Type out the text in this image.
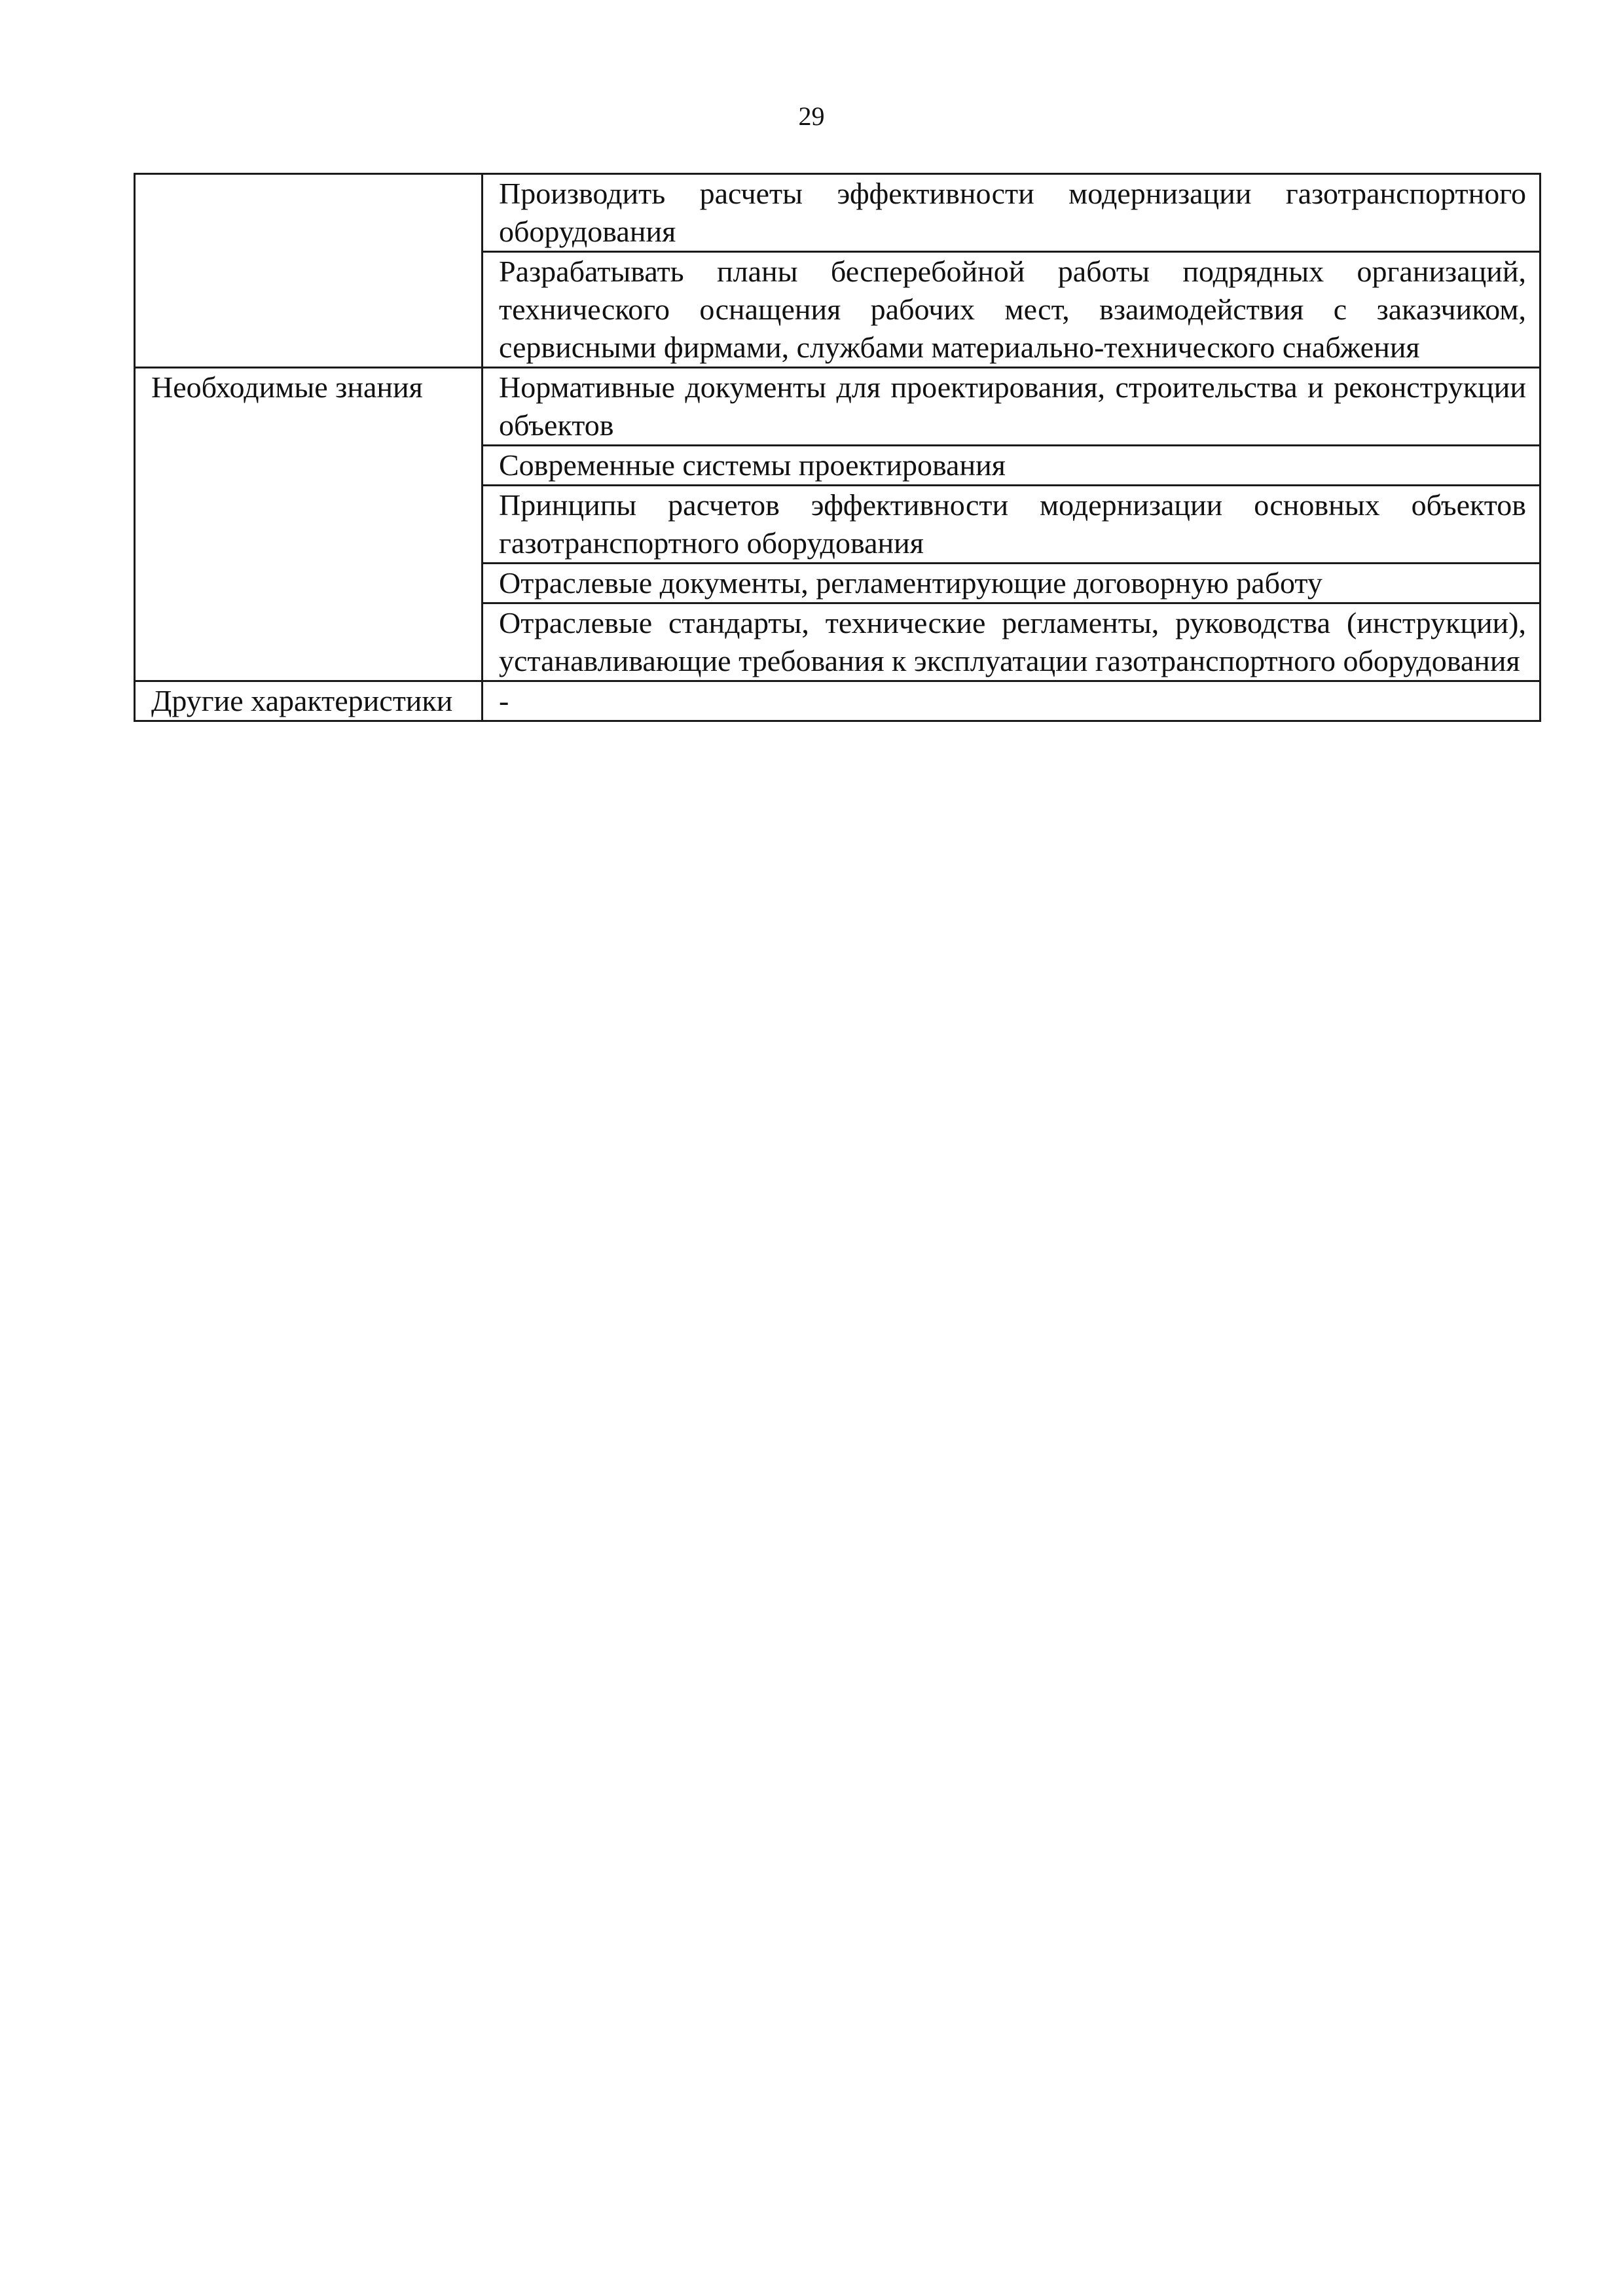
29
	Производить расчеты эффективности модернизации газотранспортного оборудования
	Разрабатывать планы бесперебойной работы подрядных организаций, технического оснащения рабочих мест, взаимодействия с заказчиком, сервисными фирмами, службами материально-технического снабжения
Необходимые знания	Нормативные документы для проектирования, строительства и реконструкции объектов
	Современные системы проектирования
	Принципы расчетов эффективности модернизации основных объектов газотранспортного оборудования
	Отраслевые документы, регламентирующие договорную работу
	Отраслевые стандарты, технические регламенты, руководства (инструкции), устанавливающие требования к эксплуатации газотранспортного оборудования
Другие характеристики	-
